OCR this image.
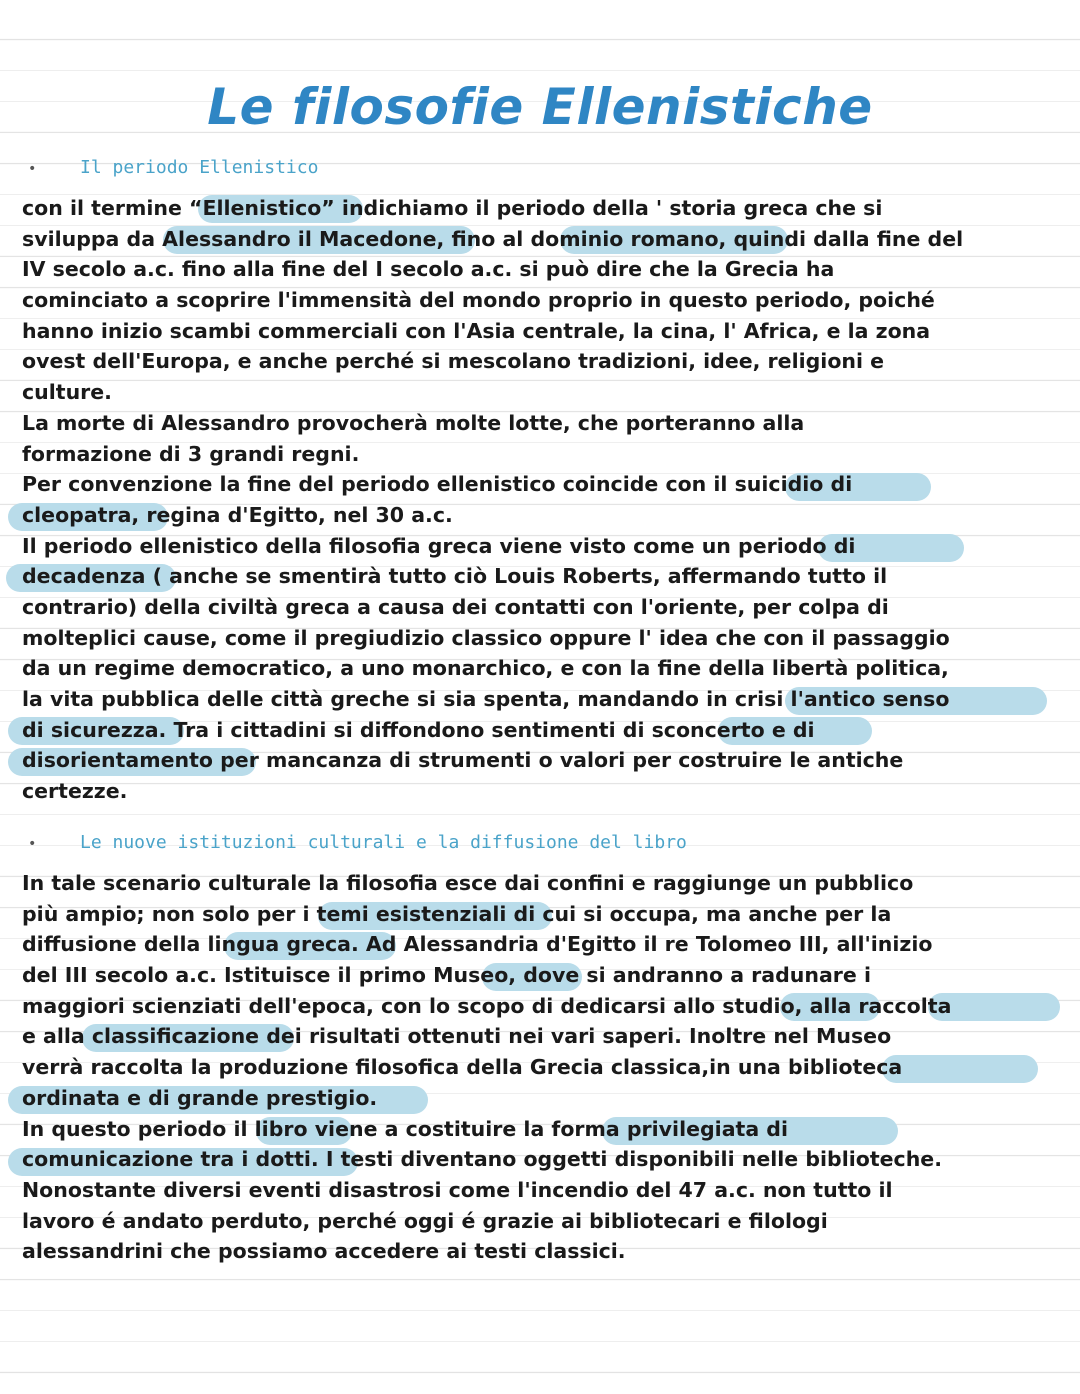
Le filosofie Ellenistiche
• Il periodo Ellenistico
con il termine “Ellenistico” indichiamo il periodo della ' storia greca che si
sviluppa da Alessandro il Macedone, fino al dominio romano, quindi dalla fine del
IV secolo a.c. fino alla fine del I secolo a.c. si può dire che la Grecia ha
cominciato a scoprire l'immensità del mondo proprio in questo periodo, poiché
hanno inizio scambi commerciali con l'Asia centrale, la cina, l' Africa, e la zona
ovest dell'Europa, e anche perché si mescolano tradizioni, idee, religioni e
culture.
La morte di Alessandro provocherà molte lotte, che porteranno alla
formazione di 3 grandi regni.
Per convenzione la fine del periodo ellenistico coincide con il suicidio di
cleopatra, regina d'Egitto, nel 30 a.c.
Il periodo ellenistico della filosofia greca viene visto come un periodo di
decadenza ( anche se smentirà tutto ciò Louis Roberts, affermando tutto il
contrario) della civiltà greca a causa dei contatti con l'oriente, per colpa di
molteplici cause, come il pregiudizio classico oppure l' idea che con il passaggio
da un regime democratico, a uno monarchico, e con la fine della libertà politica,
la vita pubblica delle città greche si sia spenta, mandando in crisi l'antico senso
di sicurezza. Tra i cittadini si diffondono sentimenti di sconcerto e di
disorientamento per mancanza di strumenti o valori per costruire le antiche
certezze.
• Le nuove istituzioni culturali e la diffusione del libro
In tale scenario culturale la filosofia esce dai confini e raggiunge un pubblico
più ampio; non solo per i temi esistenziali di cui si occupa, ma anche per la
diffusione della lingua greca. Ad Alessandria d'Egitto il re Tolomeo III, all'inizio
del III secolo a.c. Istituisce il primo Museo, dove si andranno a radunare i
maggiori scienziati dell'epoca, con lo scopo di dedicarsi allo studio, alla raccolta
e alla classificazione dei risultati ottenuti nei vari saperi. Inoltre nel Museo
verrà raccolta la produzione filosofica della Grecia classica,in una biblioteca
ordinata e di grande prestigio.
In questo periodo il libro viene a costituire la forma privilegiata di
comunicazione tra i dotti. I testi diventano oggetti disponibili nelle biblioteche.
Nonostante diversi eventi disastrosi come l'incendio del 47 a.c. non tutto il
lavoro é andato perduto, perché oggi é grazie ai bibliotecari e filologi
alessandrini che possiamo accedere ai testi classici.
